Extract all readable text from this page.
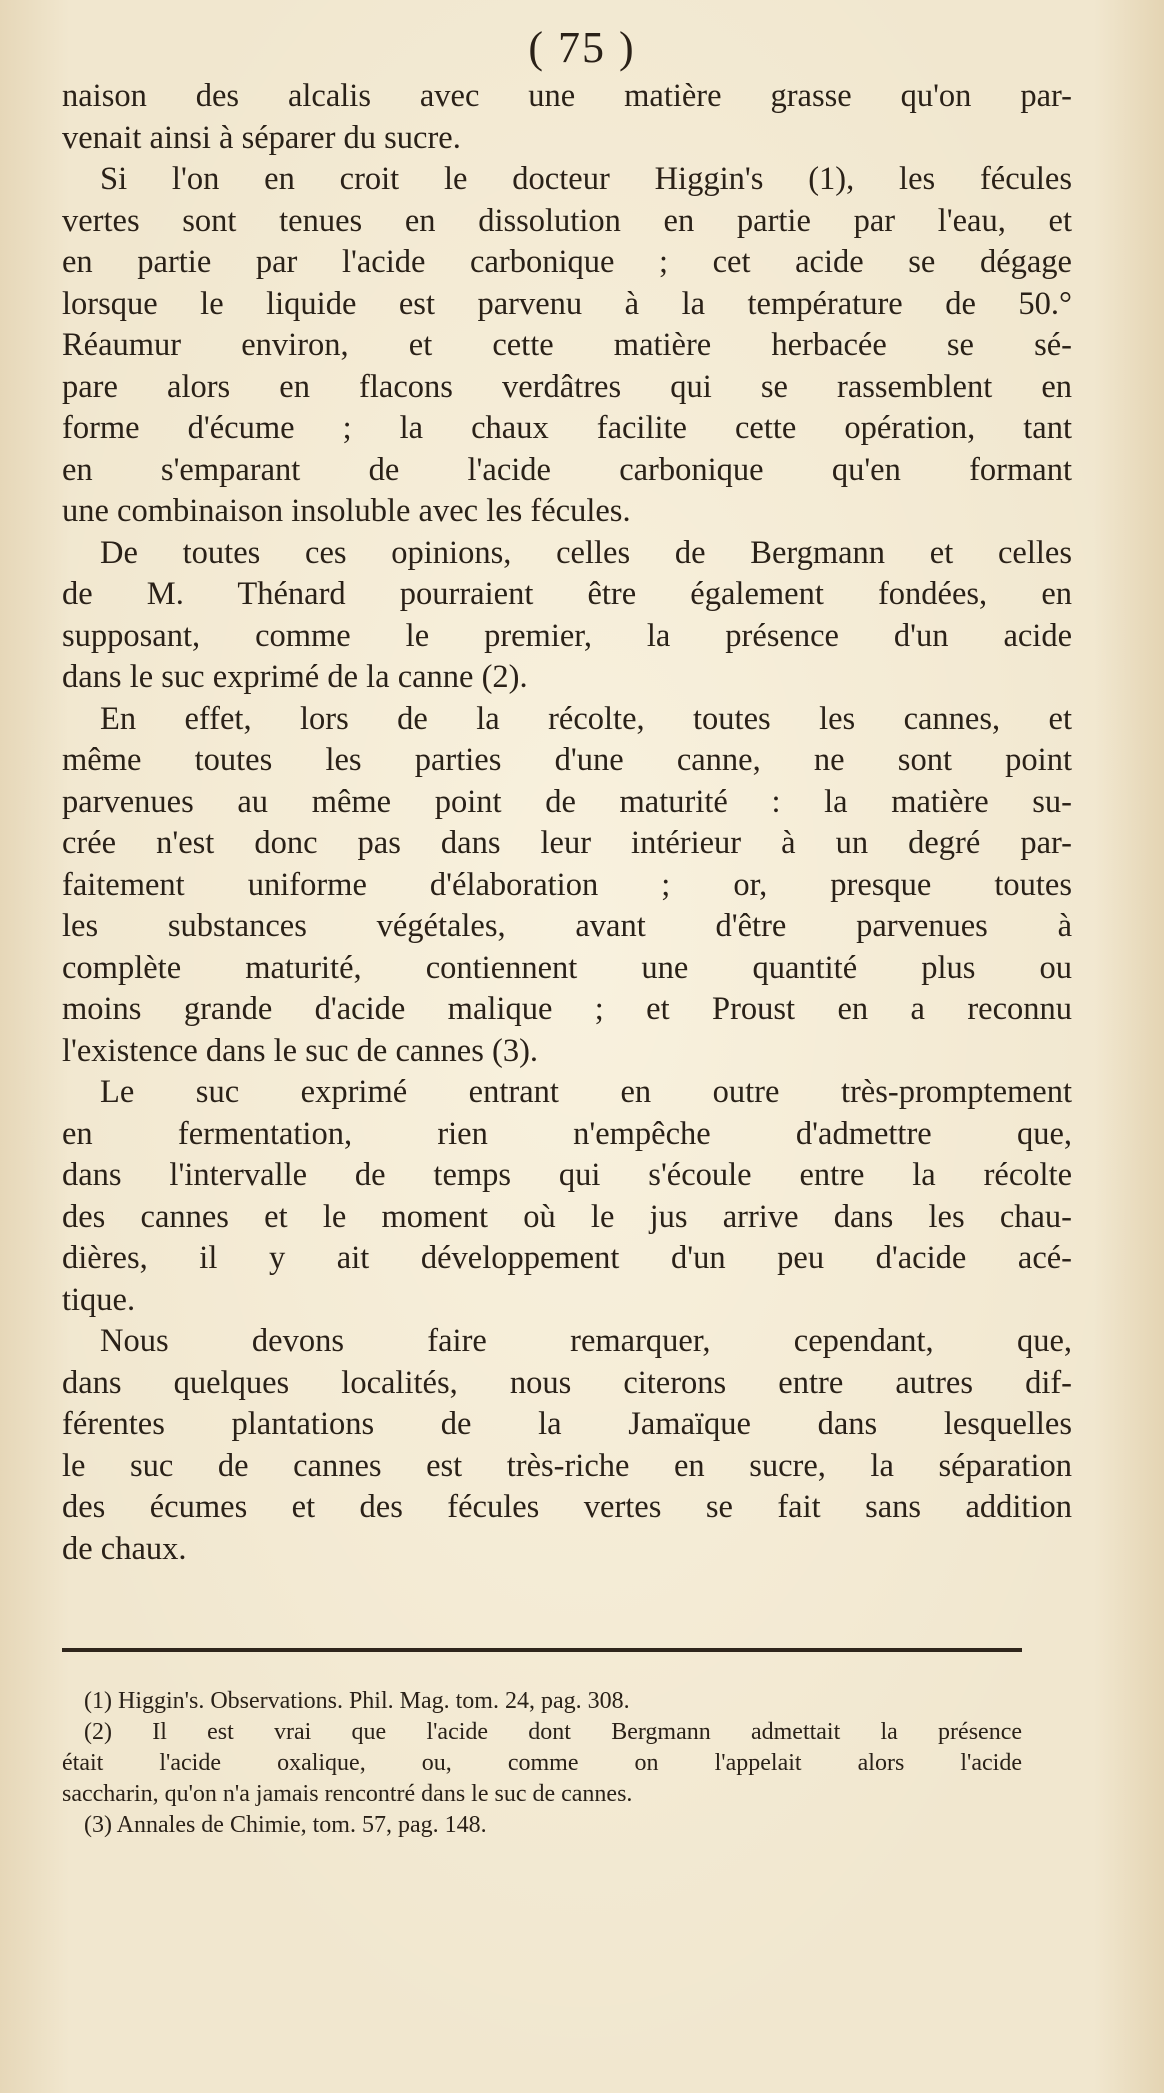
( 75 )
naison des alcalis avec une matière grasse qu'on par-
venait ainsi à séparer du sucre.
Si l'on en croit le docteur Higgin's (1), les fécules
vertes sont tenues en dissolution en partie par l'eau, et
en partie par l'acide carbonique ; cet acide se dégage
lorsque le liquide est parvenu à la température de 50.°
Réaumur environ, et cette matière herbacée se sé-
pare alors en flacons verdâtres qui se rassemblent en
forme d'écume ; la chaux facilite cette opération, tant
en s'emparant de l'acide carbonique qu'en formant
une combinaison insoluble avec les fécules.
De toutes ces opinions, celles de Bergmann et celles
de M. Thénard pourraient être également fondées, en
supposant, comme le premier, la présence d'un acide
dans le suc exprimé de la canne (2).
En effet, lors de la récolte, toutes les cannes, et
même toutes les parties d'une canne, ne sont point
parvenues au même point de maturité : la matière su-
crée n'est donc pas dans leur intérieur à un degré par-
faitement uniforme d'élaboration ; or, presque toutes
les substances végétales, avant d'être parvenues à
complète maturité, contiennent une quantité plus ou
moins grande d'acide malique ; et Proust en a reconnu
l'existence dans le suc de cannes (3).
Le suc exprimé entrant en outre très-promptement
en fermentation, rien n'empêche d'admettre que,
dans l'intervalle de temps qui s'écoule entre la récolte
des cannes et le moment où le jus arrive dans les chau-
dières, il y ait développement d'un peu d'acide acé-
tique.
Nous devons faire remarquer, cependant, que,
dans quelques localités, nous citerons entre autres dif-
férentes plantations de la Jamaïque dans lesquelles
le suc de cannes est très-riche en sucre, la séparation
des écumes et des fécules vertes se fait sans addition
de chaux.
(1) Higgin's. Observations. Phil. Mag. tom. 24, pag. 308.
(2) Il est vrai que l'acide dont Bergmann admettait la présence
était l'acide oxalique, ou, comme on l'appelait alors l'acide
saccharin, qu'on n'a jamais rencontré dans le suc de cannes.
(3) Annales de Chimie, tom. 57, pag. 148.
